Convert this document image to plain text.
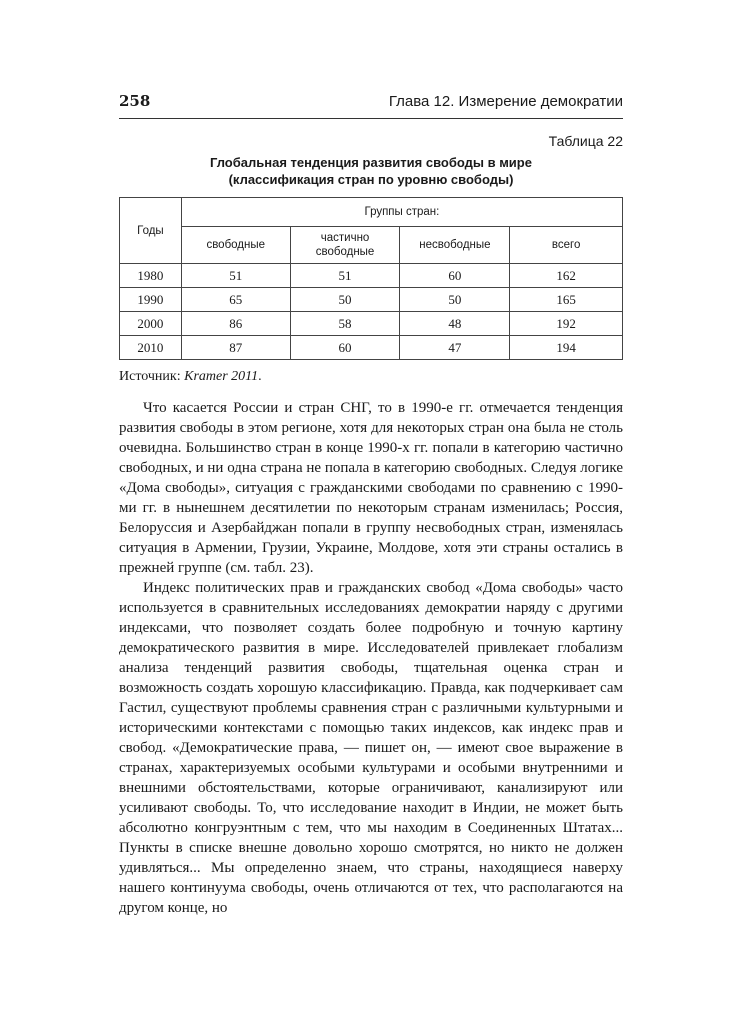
258	Глава 12. Измерение демократии
Таблица 22
Глобальная тенденция развития свободы в мире
(классификация стран по уровню свободы)
Годы	Группы стран:			
	свободные	частично свободные	несвободные	всего
1980	51	51	60	162
1990	65	50	50	165
2000	86	58	48	192
2010	87	60	47	194
Источник: Kramer 2011.

Что касается России и стран СНГ, то в 1990-е гг. отмечается тенденция развития свободы в этом регионе, хотя для некоторых стран она была не столь очевидна. Большинство стран в конце 1990-х гг. попали в категорию частично свободных, и ни одна страна не попала в категорию свободных. Следуя логике «Дома свободы», ситуация с гражданскими свободами по сравнению с 1990-ми гг. в нынешнем десятилетии по некоторым странам изменилась; Россия, Белоруссия и Азербайджан попали в группу несвободных стран, изменялась ситуация в Армении, Грузии, Украине, Молдове, хотя эти страны остались в прежней группе (см. табл. 23).

Индекс политических прав и гражданских свобод «Дома свободы» часто используется в сравнительных исследованиях демократии наряду с другими индексами, что позволяет создать более подробную и точную картину демократического развития в мире. Исследователей привлекает глобализм анализа тенденций развития свободы, тщательная оценка стран и возможность создать хорошую классификацию. Правда, как подчеркивает сам Гастил, существуют проблемы сравнения стран с различными культурными и историческими контекстами с помощью таких индексов, как индекс прав и свобод. «Демократические права, — пишет он, — имеют свое выражение в странах, характеризуемых особыми культурами и особыми внутренними и внешними обстоятельствами, которые ограничивают, канализируют или усиливают свободы. То, что исследование находит в Индии, не может быть абсолютно конгруэнтным с тем, что мы находим в Соединенных Штатах... Пункты в списке внешне довольно хорошо смотрятся, но никто не должен удивляться... Мы определенно знаем, что страны, находящиеся наверху нашего континуума свободы, очень отличаются от тех, что располагаются на другом конце, но
